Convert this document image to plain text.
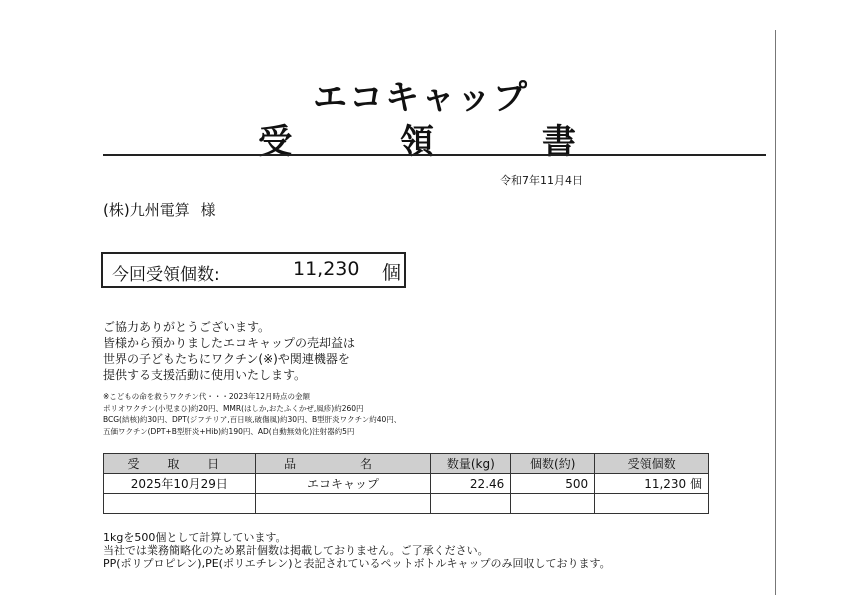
エコキャップ
受 領 書
令和7年11月4日
(株)九州電算 様
今回受領個数:	11,230 個
ご協力ありがとうございます。
皆様から預かりましたエコキャップの売却益は
世界の子どもたちにワクチン(※)や関連機器を
提供する支援活動に使用いたします。
※こどもの命を救うワクチン代・・・2023年12月時点の金額
ポリオワクチン(小児まひ)約20円、MMR(はしか,おたふくかぜ,風疹)約260円
BCG(結核)約30円、DPT(ジフテリア,百日咳,破傷風)約30円、B型肝炎ワクチン約40円、
五価ワクチン(DPT+B型肝炎+Hib)約190円、AD(自動無効化)注射器約5円
受 取 日	品 名	数量(kg)	個数(約)	受領個数
2025年10月29日	エコキャップ	22.46	500	11,230 個

1kgを500個として計算しています。
当社では業務簡略化のため累計個数は掲載しておりません。ご了承ください。
PP(ポリプロピレン),PE(ポリエチレン)と表記されているペットボトルキャップのみ回収しております。
